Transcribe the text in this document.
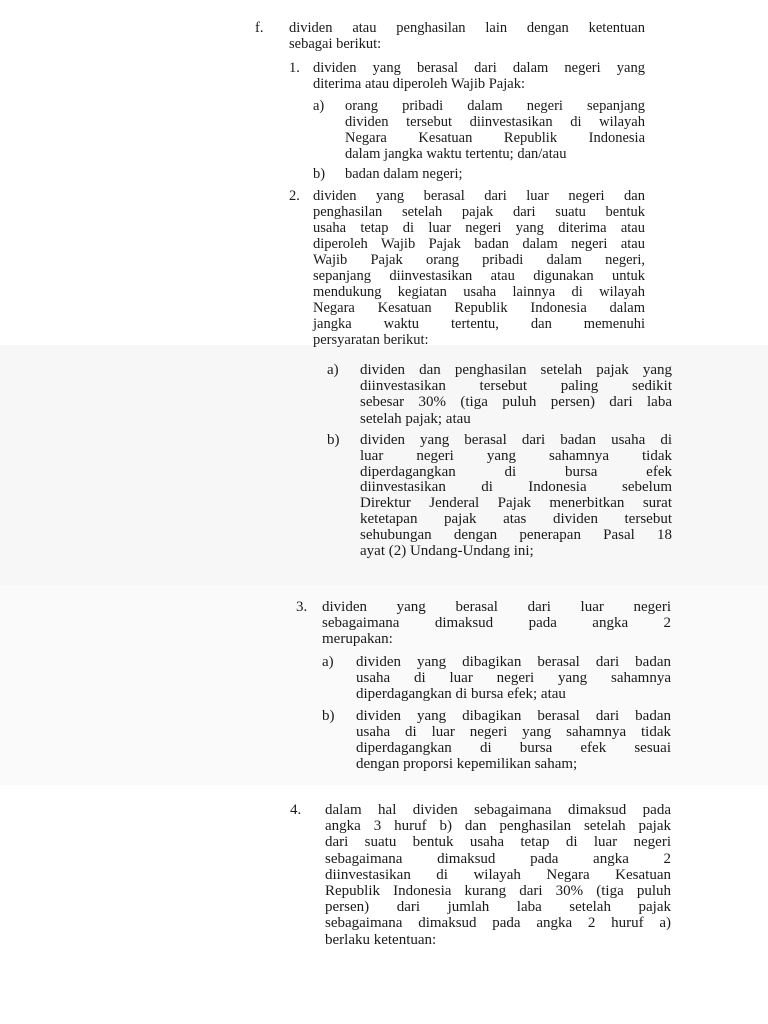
f.	dividen atau penghasilan lain dengan ketentuan
sebagai berikut:
1. dividen yang berasal dari dalam negeri yang
diterima atau diperoleh Wajib Pajak:
a)	orang pribadi dalam negeri sepanjang
dividen tersebut diinvestasikan di wilayah
Negara Kesatuan Republik Indonesia
dalam jangka waktu tertentu; dan/atau
b)	badan dalam negeri;
2. dividen yang berasal dari luar negeri dan
penghasilan setelah pajak dari suatu bentuk
usaha tetap di luar negeri yang diterima atau
diperoleh Wajib Pajak badan dalam negeri atau
Wajib Pajak orang pribadi dalam negeri,
sepanjang diinvestasikan atau digunakan untuk
mendukung kegiatan usaha lainnya di wilayah
Negara Kesatuan Republik Indonesia dalam
jangka waktu tertentu, dan memenuhi
persyaratan berikut:
a)	dividen dan penghasilan setelah pajak yang
diinvestasikan tersebut paling sedikit
sebesar 30% (tiga puluh persen) dari laba
setelah pajak; atau
b)	dividen yang berasal dari badan usaha di
luar negeri yang sahamnya tidak
diperdagangkan di bursa efek
diinvestasikan di Indonesia sebelum
Direktur Jenderal Pajak menerbitkan surat
ketetapan pajak atas dividen tersebut
sehubungan dengan penerapan Pasal 18
ayat (2) Undang-Undang ini;
3. dividen yang berasal dari luar negeri
sebagaimana dimaksud pada angka 2
merupakan:
a)	dividen yang dibagikan berasal dari badan
usaha di luar negeri yang sahamnya
diperdagangkan di bursa efek; atau
b)	dividen yang dibagikan berasal dari badan
usaha di luar negeri yang sahamnya tidak
diperdagangkan di bursa efek sesuai
dengan proporsi kepemilikan saham;
4.	dalam hal dividen sebagaimana dimaksud pada
angka 3 huruf b) dan penghasilan setelah pajak
dari suatu bentuk usaha tetap di luar negeri
sebagaimana dimaksud pada angka 2
diinvestasikan di wilayah Negara Kesatuan
Republik Indonesia kurang dari 30% (tiga puluh
persen) dari jumlah laba setelah pajak
sebagaimana dimaksud pada angka 2 huruf a)
berlaku ketentuan:
